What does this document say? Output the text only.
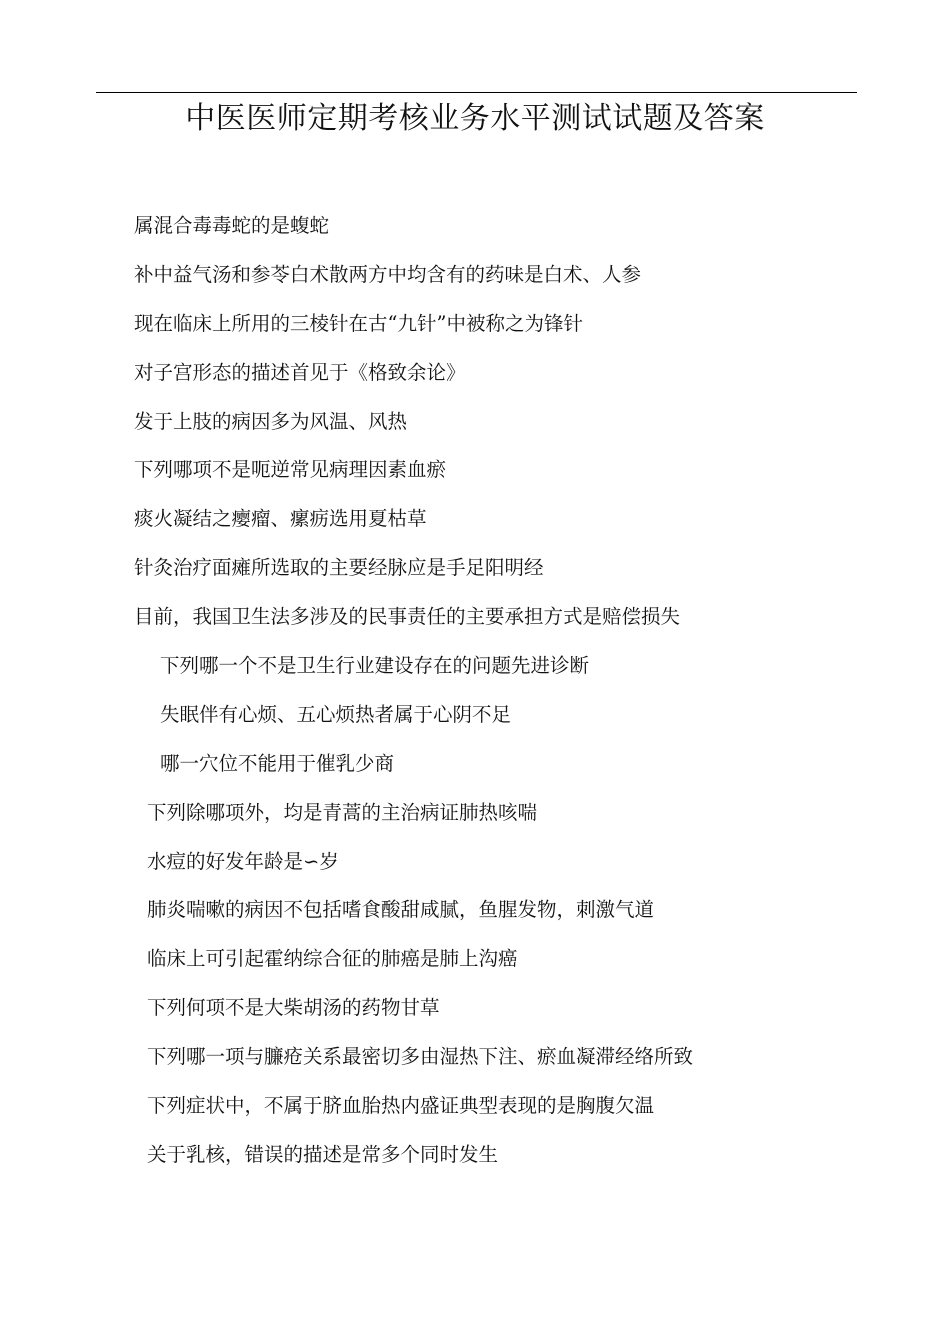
中医医师定期考核业务水平测试试题及答案
属混合毒毒蛇的是蝮蛇
补中益气汤和参苓白术散两方中均含有的药味是白术、人参
现在临床上所用的三棱针在古“九针”中被称之为锋针
对子宫形态的描述首见于《格致余论》
发于上肢的病因多为风温、风热
下列哪项不是呃逆常见病理因素血瘀
痰火凝结之瘿瘤、瘰疬选用夏枯草
针灸治疗面瘫所选取的主要经脉应是手足阳明经
目前，我国卫生法多涉及的民事责任的主要承担方式是赔偿损失
下列哪一个不是卫生行业建设存在的问题先进诊断
失眠伴有心烦、五心烦热者属于心阴不足
哪一穴位不能用于催乳少商
下列除哪项外，均是青蒿的主治病证肺热咳喘
水痘的好发年龄是∽岁
肺炎喘嗽的病因不包括嗜食酸甜咸腻，鱼腥发物，刺激气道
临床上可引起霍纳综合征的肺癌是肺上沟癌
下列何项不是大柴胡汤的药物甘草
下列哪一项与臁疮关系最密切多由湿热下注、瘀血凝滞经络所致
下列症状中，不属于脐血胎热内盛证典型表现的是胸腹欠温
关于乳核，错误的描述是常多个同时发生
